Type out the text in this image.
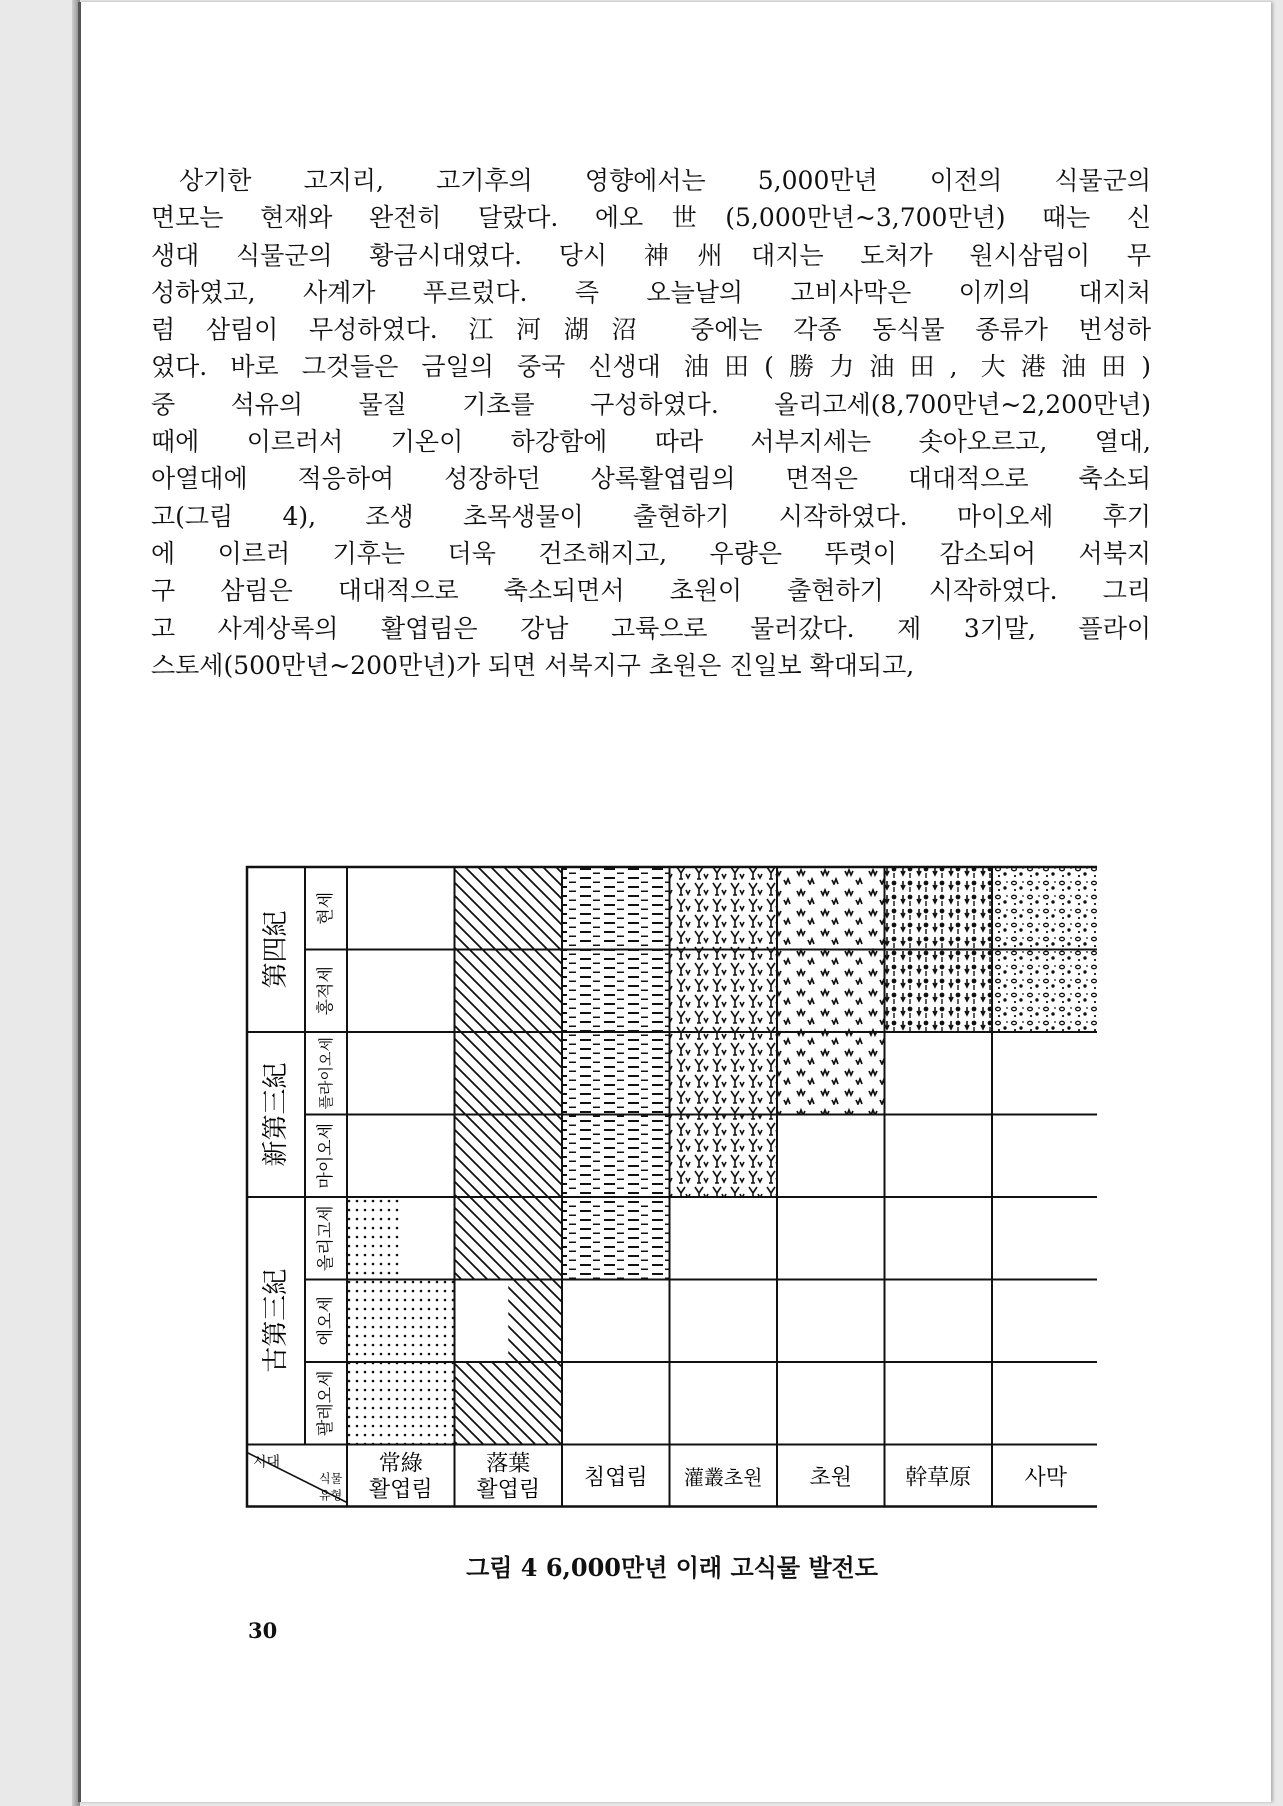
상기한 고지리, 고기후의 영향에서는 5,000만년 이전의 식물군의
면모는 현재와 완전히 달랐다. 에오世(5,000만년~3,700만년) 때는 신
생대 식물군의 황금시대였다. 당시 神州대지는 도처가 원시삼림이 무
성하였고, 사계가 푸르렀다. 즉 오늘날의 고비사막은 이끼의 대지처
럼 삼림이 무성하였다. 江河湖沼 중에는 각종 동식물 종류가 번성하
였다. 바로 그것들은 금일의 중국 신생대 油田(勝力油田, 大港油田)
중 석유의 물질 기초를 구성하였다. 올리고세(8,700만년~2,200만년)
때에 이르러서 기온이 하강함에 따라 서부지세는 솟아오르고, 열대,
아열대에 적응하여 성장하던 상록활엽림의 면적은 대대적으로 축소되
고(그림 4), 조생 초목생물이 출현하기 시작하였다. 마이오세 후기
에 이르러 기후는 더욱 건조해지고, 우량은 뚜렷이 감소되어 서북지
구 삼림은 대대적으로 축소되면서 초원이 출현하기 시작하였다. 그리
고 사계상록의 활엽림은 강남 고륙으로 물러갔다. 제 3기말, 플라이
스토세(500만년~200만년)가 되면 서북지구 초원은 진일보 확대되고,
第四紀
현세
홍적세
新第三紀 플라이오세
마이오세
古第三紀
올리고세
에오세
팔레오세
시대
식물
유형
常綠
활엽림
落葉
활엽림 침엽림 灌叢초원 초원 幹草原 사막
그림 4 6,000만년 이래 고식물 발전도
30
